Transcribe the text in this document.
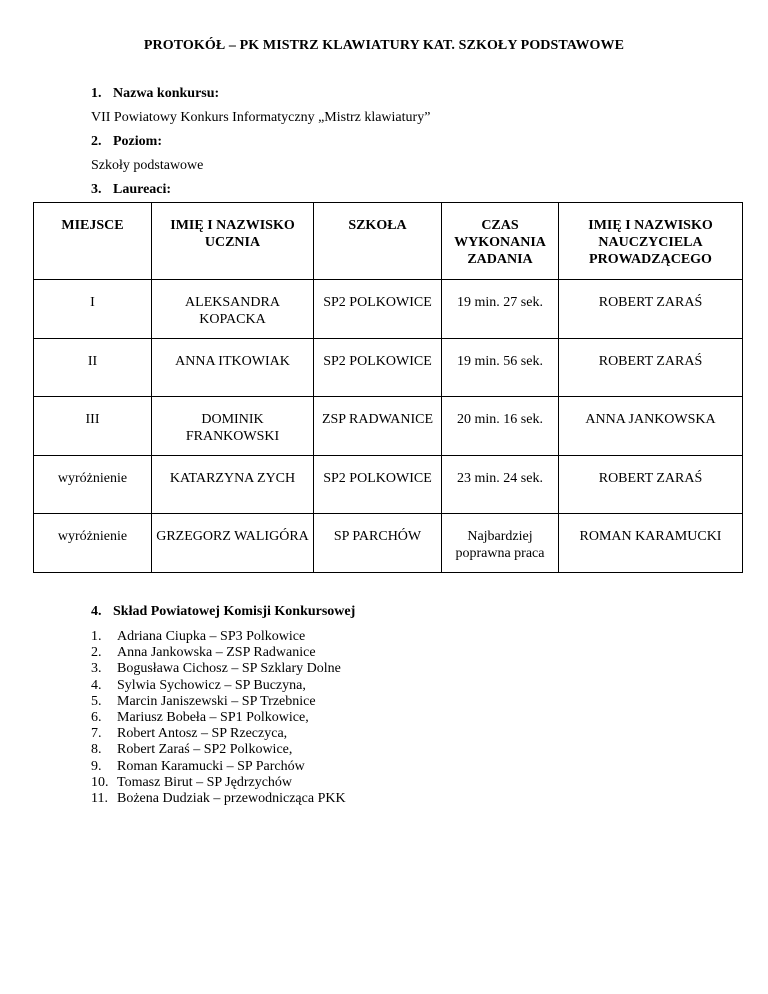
PROTOKÓŁ – PK MISTRZ KLAWIATURY KAT. SZKOŁY PODSTAWOWE
1. Nazwa konkursu:
VII Powiatowy Konkurs Informatyczny „Mistrz klawiatury”
2. Poziom:
Szkoły podstawowe
3. Laureaci:
MIEJSCE	IMIĘ I NAZWISKO UCZNIA	SZKOŁA	CZAS WYKONANIA ZADANIA	IMIĘ I NAZWISKO NAUCZYCIELA PROWADZĄCEGO
I	ALEKSANDRA KOPACKA	SP2 POLKOWICE	19 min. 27 sek.	ROBERT ZARAŚ
II	ANNA ITKOWIAK	SP2 POLKOWICE	19 min. 56 sek.	ROBERT ZARAŚ
III	DOMINIK FRANKOWSKI	ZSP RADWANICE	20 min. 16 sek.	ANNA JANKOWSKA
wyróżnienie	KATARZYNA ZYCH	SP2 POLKOWICE	23 min. 24 sek.	ROBERT ZARAŚ
wyróżnienie	GRZEGORZ WALIGÓRA	SP PARCHÓW	Najbardziej poprawna praca	ROMAN KARAMUCKI
4. Skład Powiatowej Komisji Konkursowej
1. Adriana Ciupka – SP3 Polkowice
2. Anna Jankowska – ZSP Radwanice
3. Bogusława Cichosz – SP Szklary Dolne
4. Sylwia Sychowicz – SP Buczyna,
5. Marcin Janiszewski – SP Trzebnice
6. Mariusz Bobeła – SP1 Polkowice,
7. Robert Antosz – SP Rzeczyca,
8. Robert Zaraś – SP2 Polkowice,
9. Roman Karamucki – SP Parchów
10. Tomasz Birut – SP Jędrzychów
11. Bożena Dudziak – przewodnicząca PKK
